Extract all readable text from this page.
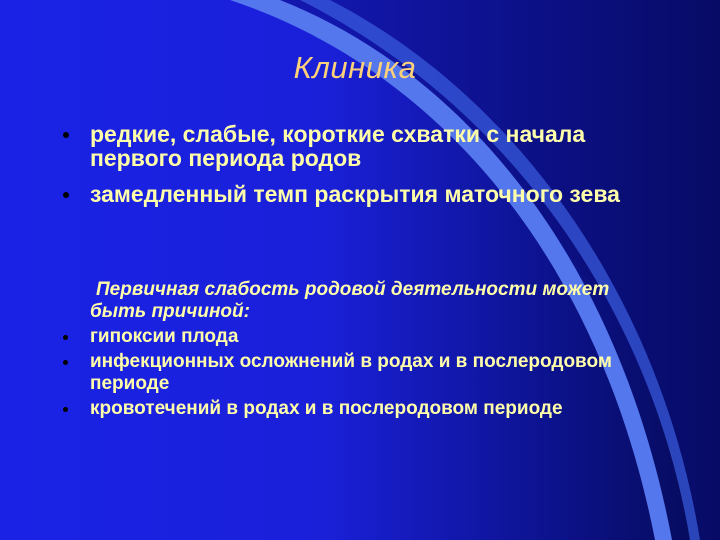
Клиника
редкие, слабые, короткие схватки с начала первого периода родов
замедленный темп раскрытия маточного зева
Первичная слабость родовой деятельности может быть причиной:
гипоксии плода
инфекционных осложнений в родах и в послеродовом периоде
кровотечений в родах и в послеродовом периоде
